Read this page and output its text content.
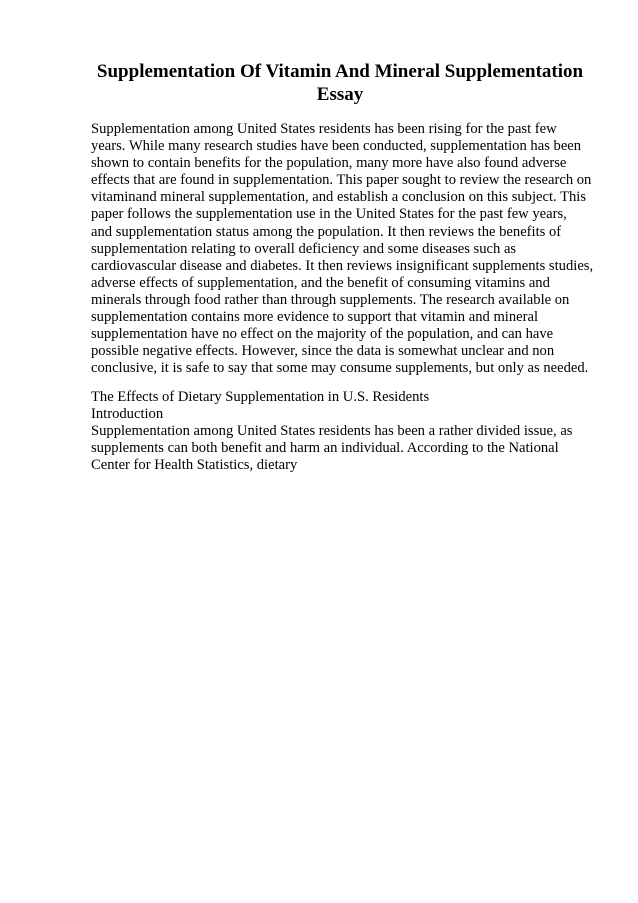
Supplementation Of Vitamin And Mineral Supplementation
Essay

Supplementation among United States residents has been rising for the past few
years. While many research studies have been conducted, supplementation has been
shown to contain benefits for the population, many more have also found adverse
effects that are found in supplementation. This paper sought to review the research on
vitaminand mineral supplementation, and establish a conclusion on this subject. This
paper follows the supplementation use in the United States for the past few years,
and supplementation status among the population. It then reviews the benefits of
supplementation relating to overall deficiency and some diseases such as
cardiovascular disease and diabetes. It then reviews insignificant supplements studies,
adverse effects of supplementation, and the benefit of consuming vitamins and
minerals through food rather than through supplements. The research available on
supplementation contains more evidence to support that vitamin and mineral
supplementation have no effect on the majority of the population, and can have
possible negative effects. However, since the data is somewhat unclear and non
conclusive, it is safe to say that some may consume supplements, but only as needed.

The Effects of Dietary Supplementation in U.S. Residents
Introduction
Supplementation among United States residents has been a rather divided issue, as
supplements can both benefit and harm an individual. According to the National
Center for Health Statistics, dietary
